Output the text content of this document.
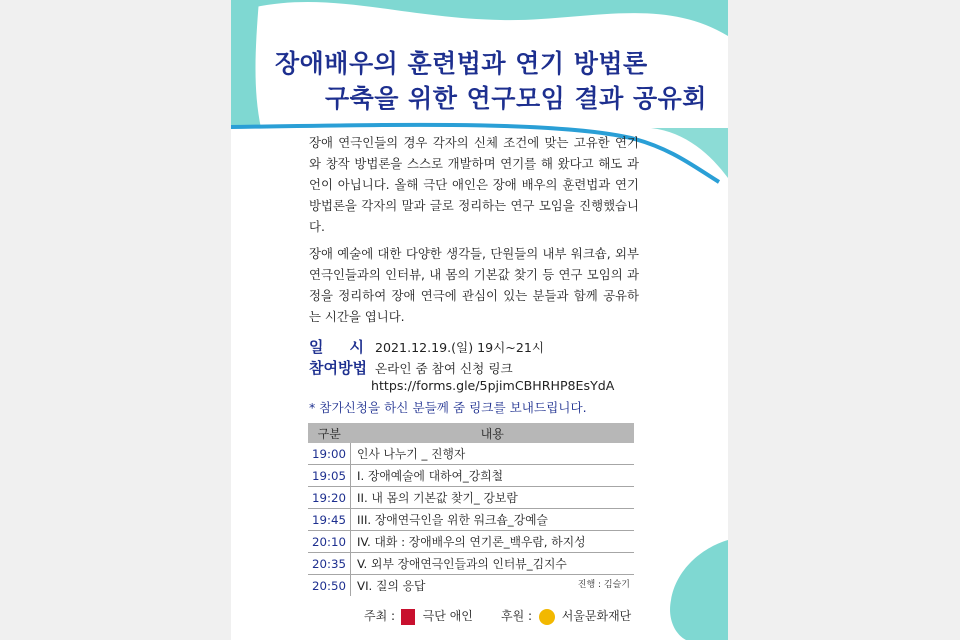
장애배우의 훈련법과 연기 방법론
구축을 위한 연구모임 결과 공유회
장애 연극인들의 경우 각자의 신체 조건에 맞는 고유한 연기와 창작 방법론을 스스로 개발하며 연기를 해 왔다고 해도 과언이 아닙니다. 올해 극단 애인은 장애 배우의 훈련법과 연기 방법론을 각자의 말과 글로 정리하는 연구 모임을 진행했습니다.
장애 예술에 대한 다양한 생각들, 단원들의 내부 워크숍, 외부 연극인들과의 인터뷰, 내 몸의 기본값 찾기 등 연구 모임의 과정을 정리하여 장애 연극에 관심이 있는 분들과 함께 공유하는 시간을 엽니다.
일시 2021.12.19.(일) 19시~21시
참여방법 온라인 줌 참여 신청 링크
https://forms.gle/5pjimCBHRHP8EsYdA
* 참가신청을 하신 분들께 줌 링크를 보내드립니다.
구분	내용
19:00	인사 나누기 _ 진행자
19:05	I. 장애예술에 대하여_강희철
19:20	II. 내 몸의 기본값 찾기_ 강보람
19:45	III. 장애연극인을 위한 워크숍_강예슬
20:10	IV. 대화 : 장애배우의 연기론_백우람, 하지성
20:35	V. 외부 장애연극인들과의 인터뷰_김지수
20:50	VI. 질의 응답 진행 : 김슬기
주최 : 극단 애인 후원 : 서울문화재단
